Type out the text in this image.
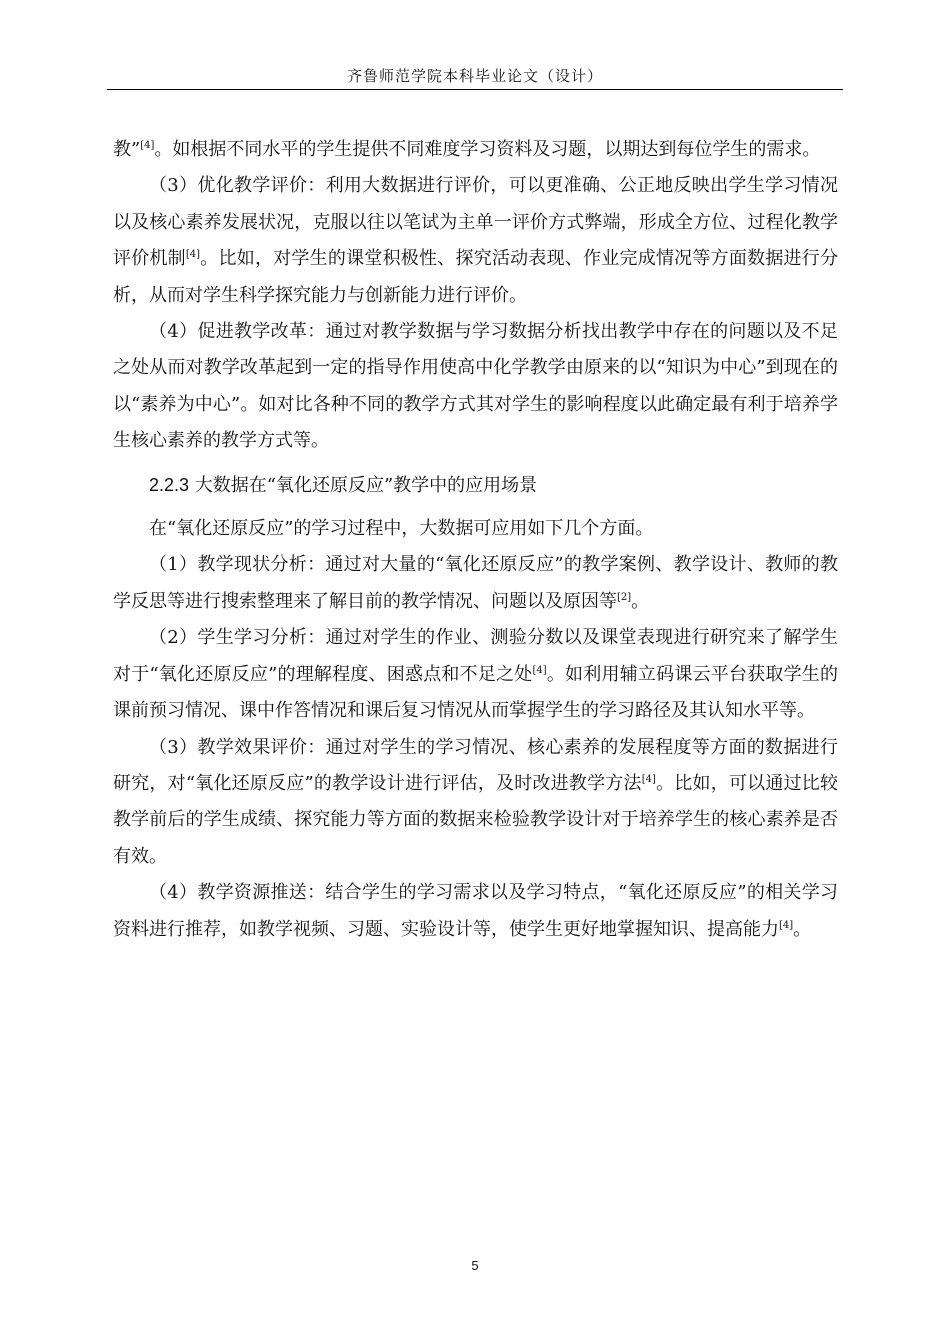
齐鲁师范学院本科毕业论文（设计）

教”[4]。如根据不同水平的学生提供不同难度学习资料及习题，以期达到每位学生的需求。

（3）优化教学评价：利用大数据进行评价，可以更准确、公正地反映出学生学习情况以及核心素养发展状况，克服以往以笔试为主单一评价方式弊端，形成全方位、过程化教学评价机制[4]。比如，对学生的课堂积极性、探究活动表现、作业完成情况等方面数据进行分析，从而对学生科学探究能力与创新能力进行评价。

（4）促进教学改革：通过对教学数据与学习数据分析找出教学中存在的问题以及不足之处从而对教学改革起到一定的指导作用使高中化学教学由原来的以“知识为中心”到现在的以“素养为中心”。如对比各种不同的教学方式其对学生的影响程度以此确定最有利于培养学生核心素养的教学方式等。

2.2.3 大数据在“氧化还原反应”教学中的应用场景

在“氧化还原反应”的学习过程中，大数据可应用如下几个方面。

（1）教学现状分析：通过对大量的“氧化还原反应”的教学案例、教学设计、教师的教学反思等进行搜索整理来了解目前的教学情况、问题以及原因等[2]。

（2）学生学习分析：通过对学生的作业、测验分数以及课堂表现进行研究来了解学生对于“氧化还原反应”的理解程度、困惑点和不足之处[4]。如利用辅立码课云平台获取学生的课前预习情况、课中作答情况和课后复习情况从而掌握学生的学习路径及其认知水平等。

（3）教学效果评价：通过对学生的学习情况、核心素养的发展程度等方面的数据进行研究，对“氧化还原反应”的教学设计进行评估，及时改进教学方法[4]。比如，可以通过比较教学前后的学生成绩、探究能力等方面的数据来检验教学设计对于培养学生的核心素养是否有效。

（4）教学资源推送：结合学生的学习需求以及学习特点，“氧化还原反应”的相关学习资料进行推荐，如教学视频、习题、实验设计等，使学生更好地掌握知识、提高能力[4]。

5
